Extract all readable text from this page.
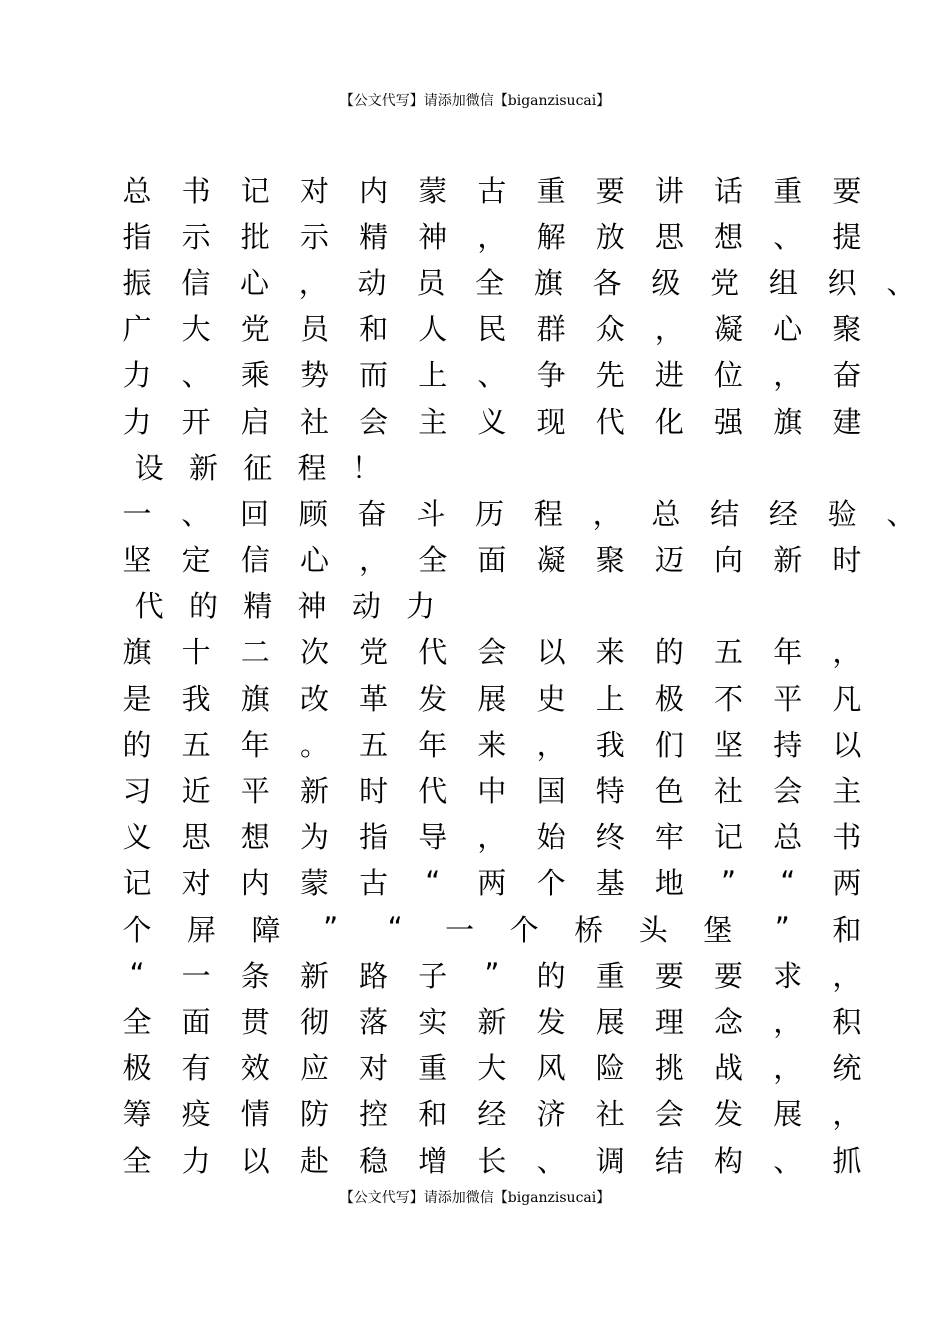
【公文代写】请添加微信【biganzisucai】
总 书 记 对 内 蒙 古 重 要 讲 话 重 要
指 示 批 示 精 神 ， 解 放 思 想 、 提
振 信 心 ， 动 员 全 旗 各 级 党 组 织 、
广 大 党 员 和 人 民 群 众 ， 凝 心 聚
力 、 乘 势 而 上 、 争 先 进 位 ， 奋
力 开 启 社 会 主 义 现 代 化 强 旗 建
设 新 征 程 ！
一 、 回 顾 奋 斗 历 程 ， 总 结 经 验 、
坚 定 信 心 ， 全 面 凝 聚 迈 向 新 时
代 的 精 神 动 力
旗 十 二 次 党 代 会 以 来 的 五 年 ，
是 我 旗 改 革 发 展 史 上 极 不 平 凡
的 五 年 。 五 年 来 ， 我 们 坚 持 以
习 近 平 新 时 代 中 国 特 色 社 会 主
义 思 想 为 指 导 ， 始 终 牢 记 总 书
记 对 内 蒙 古 “ 两 个 基 地 ” “ 两
个 屏 障 ” “ 一 个 桥 头 堡 ” 和
“ 一 条 新 路 子 ” 的 重 要 要 求 ，
全 面 贯 彻 落 实 新 发 展 理 念 ， 积
极 有 效 应 对 重 大 风 险 挑 战 ， 统
筹 疫 情 防 控 和 经 济 社 会 发 展 ，
全 力 以 赴 稳 增 长 、 调 结 构 、 抓
【公文代写】请添加微信【biganzisucai】
